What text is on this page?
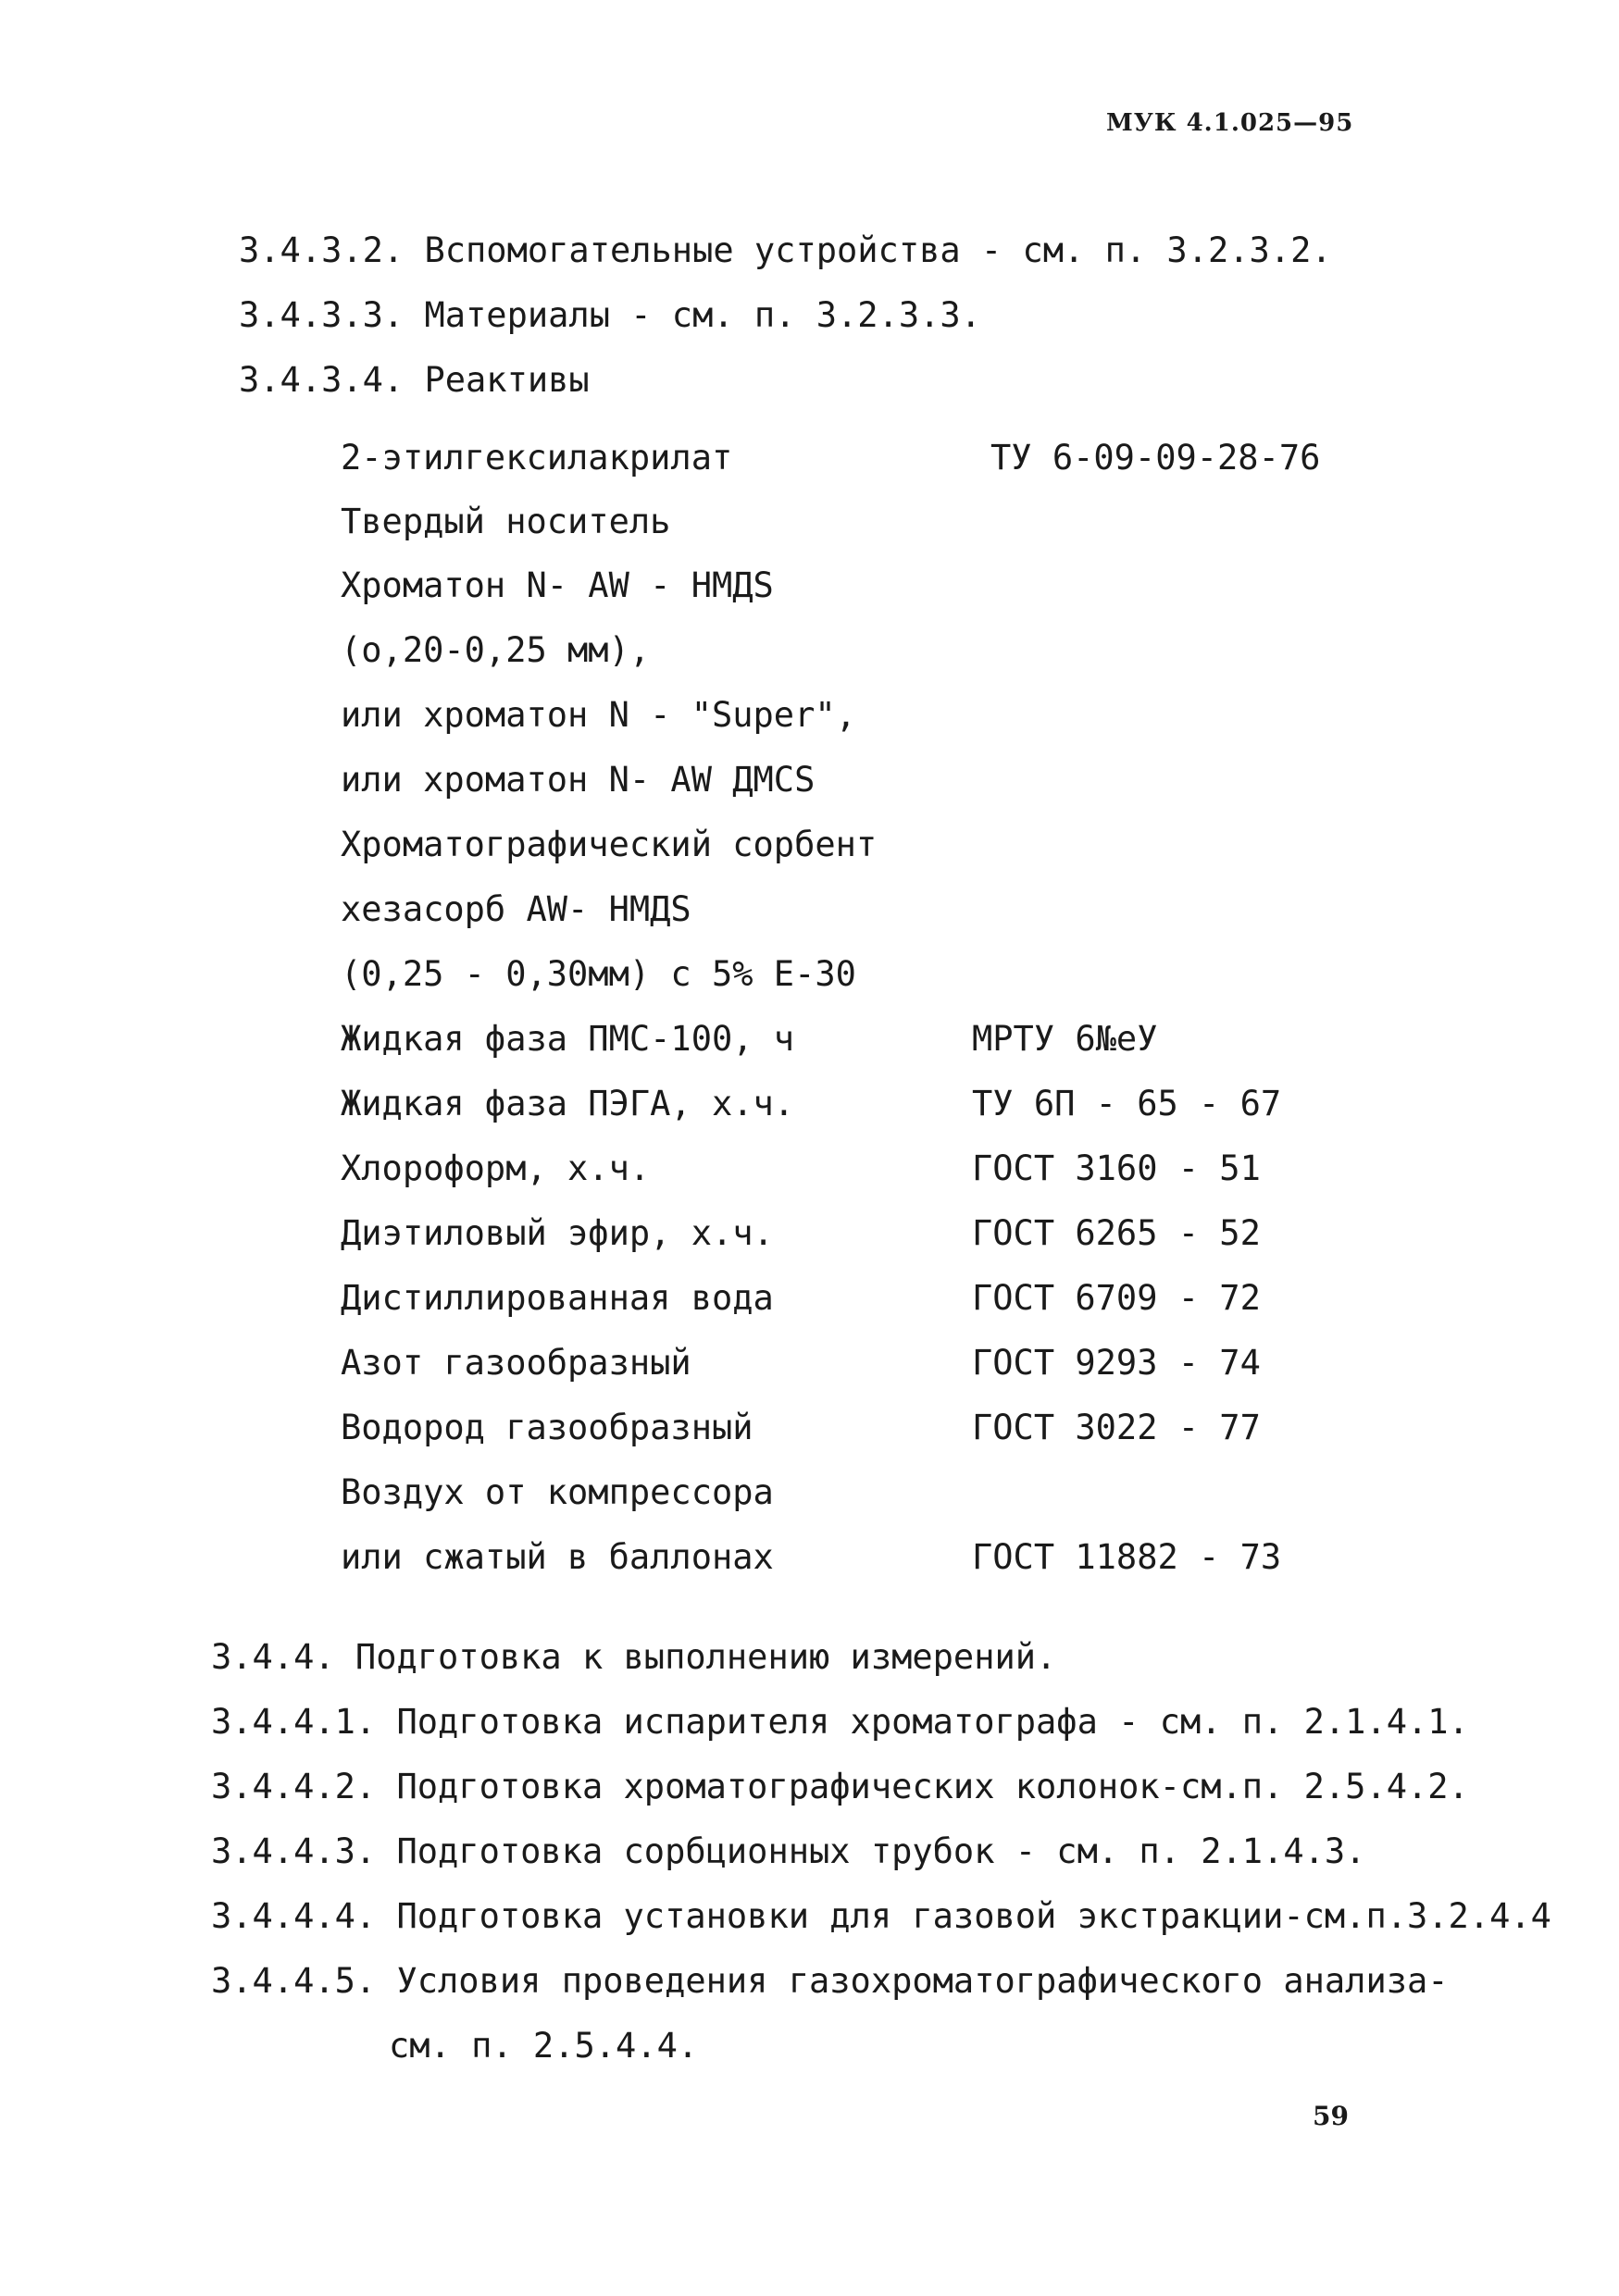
МУК 4.1.025—95
3.4.3.2. Вспомогательные устройства - см. п. 3.2.3.2.
3.4.3.3. Материалы - см. п. 3.2.3.3.
3.4.3.4. Реактивы
2-этилгексилакрилат	ТУ 6-09-09-28-76
Твердый носитель
Хроматон N- AW - HMДS
(о,20-0,25 мм),
или хроматон N - "Super",
или хроматон N- AW ДМСS
Хроматографический сорбент
хезасорб AW- HMДS
(0,25 - 0,30мм) с 5% Е-30
Жидкая фаза ПМС-100, ч	МРТУ 6№еУ
Жидкая фаза ПЭГА, х.ч.	ТУ 6П - 65 - 67
Хлороформ, х.ч.	ГОСТ 3160 - 51
Диэтиловый эфир, х.ч.	ГОСТ 6265 - 52
Дистиллированная вода	ГОСТ 6709 - 72
Азот газообразный	ГОСТ 9293 - 74
Водород газообразный	ГОСТ 3022 - 77
Воздух от компрессора
или сжатый в баллонах	ГОСТ 11882 - 73
3.4.4. Подготовка к выполнению измерений.
3.4.4.1. Подготовка испарителя хроматографа - см. п. 2.1.4.1.
3.4.4.2. Подготовка хроматографических колонок-см.п. 2.5.4.2.
3.4.4.3. Подготовка сорбционных трубок - см. п. 2.1.4.3.
3.4.4.4. Подготовка установки для газовой экстракции-см.п.3.2.4.4
3.4.4.5. Условия проведения газохроматографического анализа-
см. п. 2.5.4.4.
59
